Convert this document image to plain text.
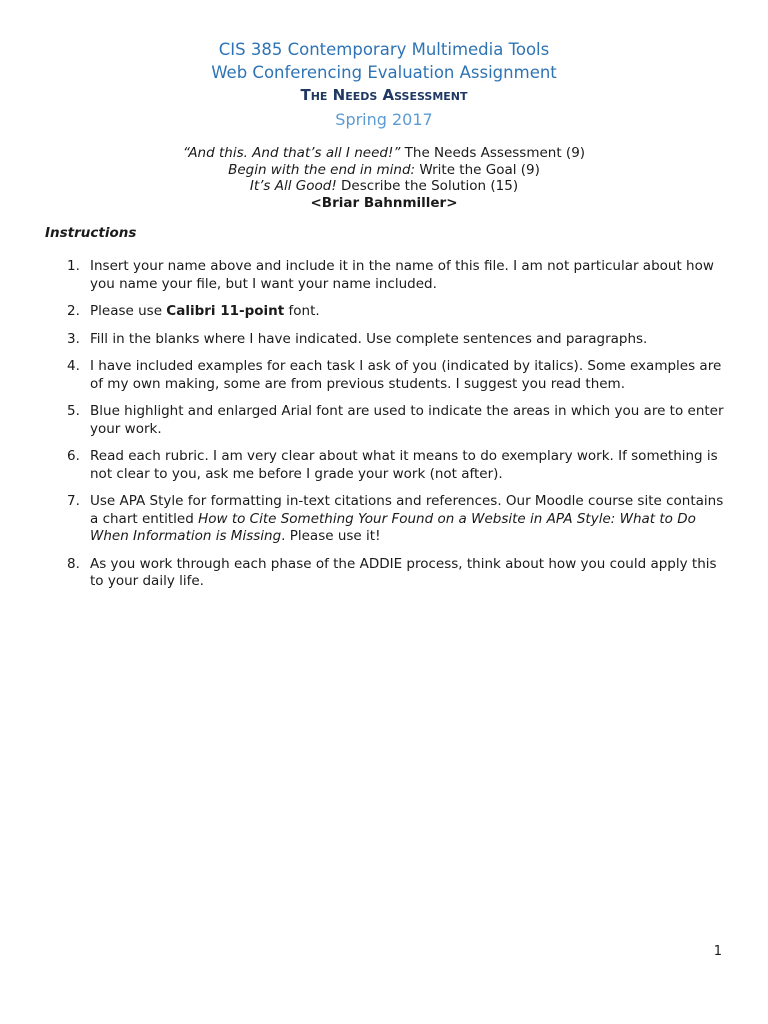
CIS 385 Contemporary Multimedia Tools
Web Conferencing Evaluation Assignment
The Needs Assessment
Spring 2017
“And this. And that’s all I need!” The Needs Assessment (9)
Begin with the end in mind: Write the Goal (9)
It’s All Good! Describe the Solution (15)
<Briar Bahnmiller>
Instructions
1. Insert your name above and include it in the name of this file. I am not particular about how you name your file, but I want your name included.
2. Please use Calibri 11-point font.
3. Fill in the blanks where I have indicated. Use complete sentences and paragraphs.
4. I have included examples for each task I ask of you (indicated by italics). Some examples are of my own making, some are from previous students. I suggest you read them.
5. Blue highlight and enlarged Arial font are used to indicate the areas in which you are to enter your work.
6. Read each rubric. I am very clear about what it means to do exemplary work. If something is not clear to you, ask me before I grade your work (not after).
7. Use APA Style for formatting in-text citations and references. Our Moodle course site contains a chart entitled How to Cite Something Your Found on a Website in APA Style: What to Do When Information is Missing. Please use it!
8. As you work through each phase of the ADDIE process, think about how you could apply this to your daily life.
1
